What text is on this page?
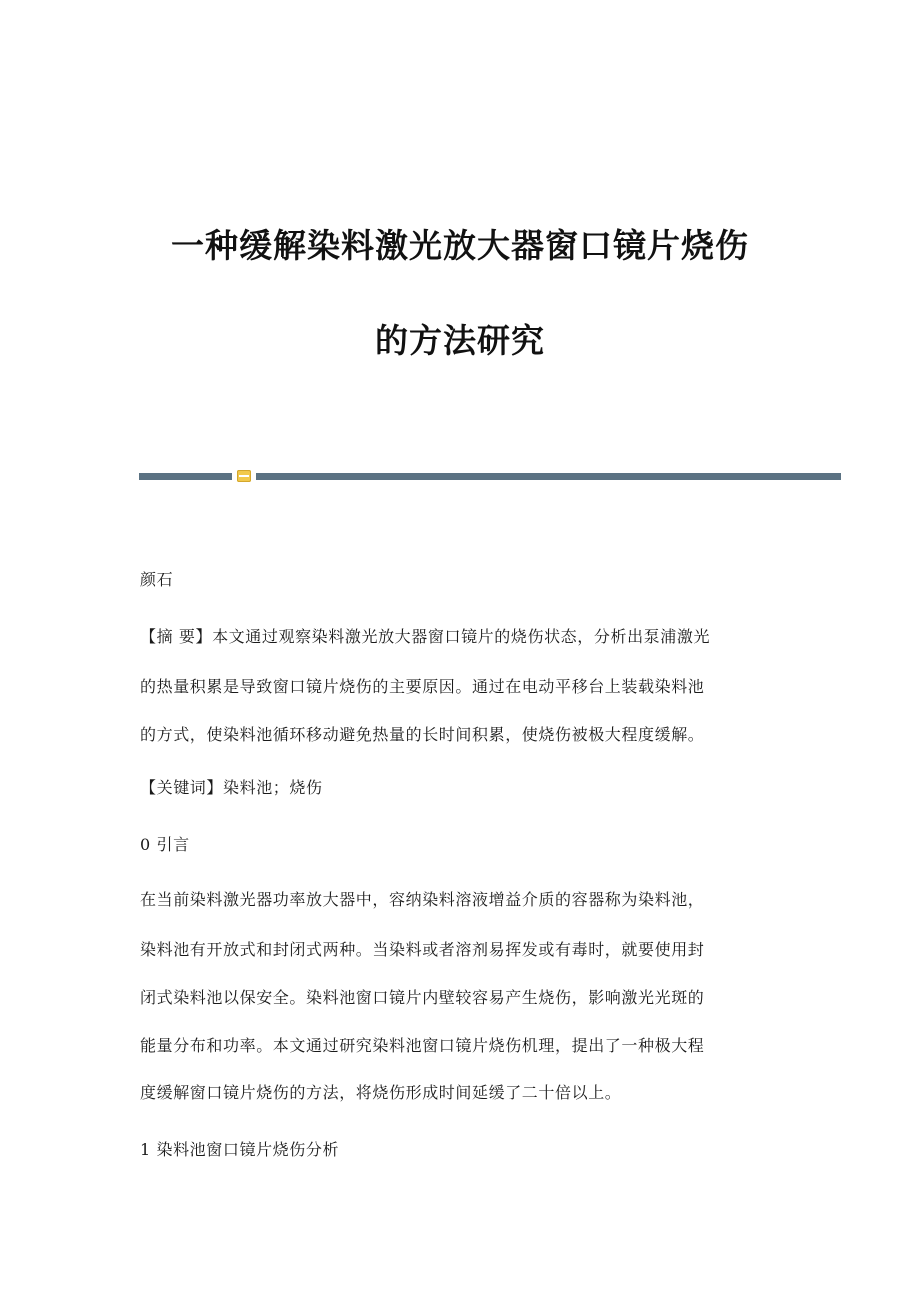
一种缓解染料激光放大器窗口镜片烧伤
的方法研究
颜石
【摘 要】本文通过观察染料激光放大器窗口镜片的烧伤状态，分析出泵浦激光
的热量积累是导致窗口镜片烧伤的主要原因。通过在电动平移台上装载染料池
的方式，使染料池循环移动避免热量的长时间积累，使烧伤被极大程度缓解。
【关键词】染料池；烧伤
0 引言
在当前染料激光器功率放大器中，容纳染料溶液增益介质的容器称为染料池，
染料池有开放式和封闭式两种。当染料或者溶剂易挥发或有毒时，就要使用封
闭式染料池以保安全。染料池窗口镜片内壁较容易产生烧伤，影响激光光斑的
能量分布和功率。本文通过研究染料池窗口镜片烧伤机理，提出了一种极大程
度缓解窗口镜片烧伤的方法，将烧伤形成时间延缓了二十倍以上。
1 染料池窗口镜片烧伤分析
